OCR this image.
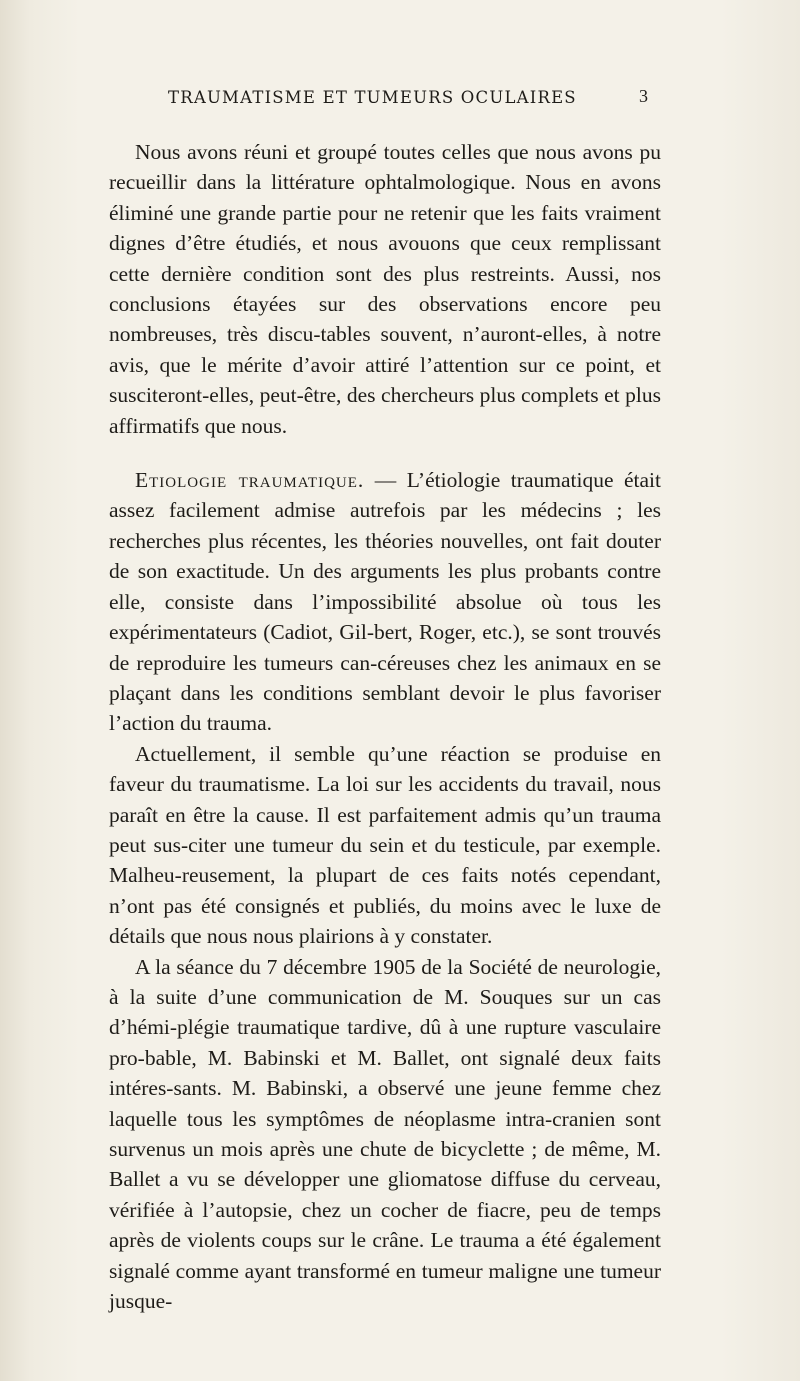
TRAUMATISME ET TUMEURS OCULAIRES	3

Nous avons réuni et groupé toutes celles que nous avons pu recueillir dans la littérature ophtalmologique. Nous en avons éliminé une grande partie pour ne retenir que les faits vraiment dignes d’être étudiés, et nous avouons que ceux remplissant cette dernière condition sont des plus restreints. Aussi, nos conclusions étayées sur des observations encore peu nombreuses, très discu-tables souvent, n’auront-elles, à notre avis, que le mérite d’avoir attiré l’attention sur ce point, et susciteront-elles, peut-être, des chercheurs plus complets et plus affirmatifs que nous.

Etiologie traumatique. — L’étiologie traumatique était assez facilement admise autrefois par les médecins ; les recherches plus récentes, les théories nouvelles, ont fait douter de son exactitude. Un des arguments les plus probants contre elle, consiste dans l’impossibilité absolue où tous les expérimentateurs (Cadiot, Gil-bert, Roger, etc.), se sont trouvés de reproduire les tumeurs can-céreuses chez les animaux en se plaçant dans les conditions semblant devoir le plus favoriser l’action du trauma.

Actuellement, il semble qu’une réaction se produise en faveur du traumatisme. La loi sur les accidents du travail, nous paraît en être la cause. Il est parfaitement admis qu’un trauma peut sus-citer une tumeur du sein et du testicule, par exemple. Malheu-reusement, la plupart de ces faits notés cependant, n’ont pas été consignés et publiés, du moins avec le luxe de détails que nous nous plairions à y constater.

A la séance du 7 décembre 1905 de la Société de neurologie, à la suite d’une communication de M. Souques sur un cas d’hémi-plégie traumatique tardive, dû à une rupture vasculaire pro-bable, M. Babinski et M. Ballet, ont signalé deux faits intéres-sants. M. Babinski, a observé une jeune femme chez laquelle tous les symptômes de néoplasme intra-cranien sont survenus un mois après une chute de bicyclette ; de même, M. Ballet a vu se développer une gliomatose diffuse du cerveau, vérifiée à l’autopsie, chez un cocher de fiacre, peu de temps après de violents coups sur le crâne. Le trauma a été également signalé comme ayant transformé en tumeur maligne une tumeur jusque-
